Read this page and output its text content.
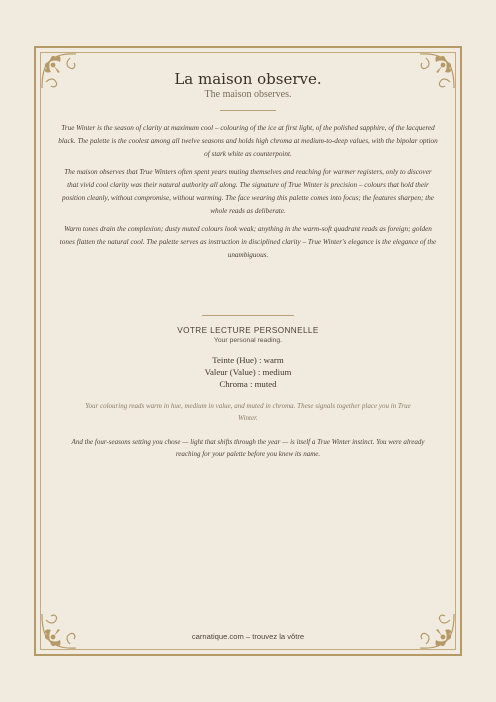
La maison observe.
The maison observes.

True Winter is the season of clarity at maximum cool – colouring of the ice at first light, of the polished sapphire, of the lacquered black. The palette is the coolest among all twelve seasons and holds high chroma at medium-to-deep values, with the bipolar option of stark white as counterpoint.

The maison observes that True Winters often spent years muting themselves and reaching for warmer registers, only to discover that vivid cool clarity was their natural authority all along. The signature of True Winter is precision – colours that hold their position cleanly, without compromise, without warming. The face wearing this palette comes into focus; the features sharpen; the whole reads as deliberate.

Warm tones drain the complexion; dusty muted colours look weak; anything in the warm-soft quadrant reads as foreign; golden tones flatten the natural cool. The palette serves as instruction in disciplined clarity – True Winter's elegance is the elegance of the unambiguous.

VOTRE LECTURE PERSONNELLE
Your personal reading.
Teinte (Hue) : warm
Valeur (Value) : medium
Chroma : muted
Your colouring reads warm in hue, medium in value, and muted in chroma. These signals together place you in True Winter.
And the four-seasons setting you chose — light that shifts through the year — is itself a True Winter instinct. You were already reaching for your palette before you knew its name.
carnatique.com – trouvez la vôtre
